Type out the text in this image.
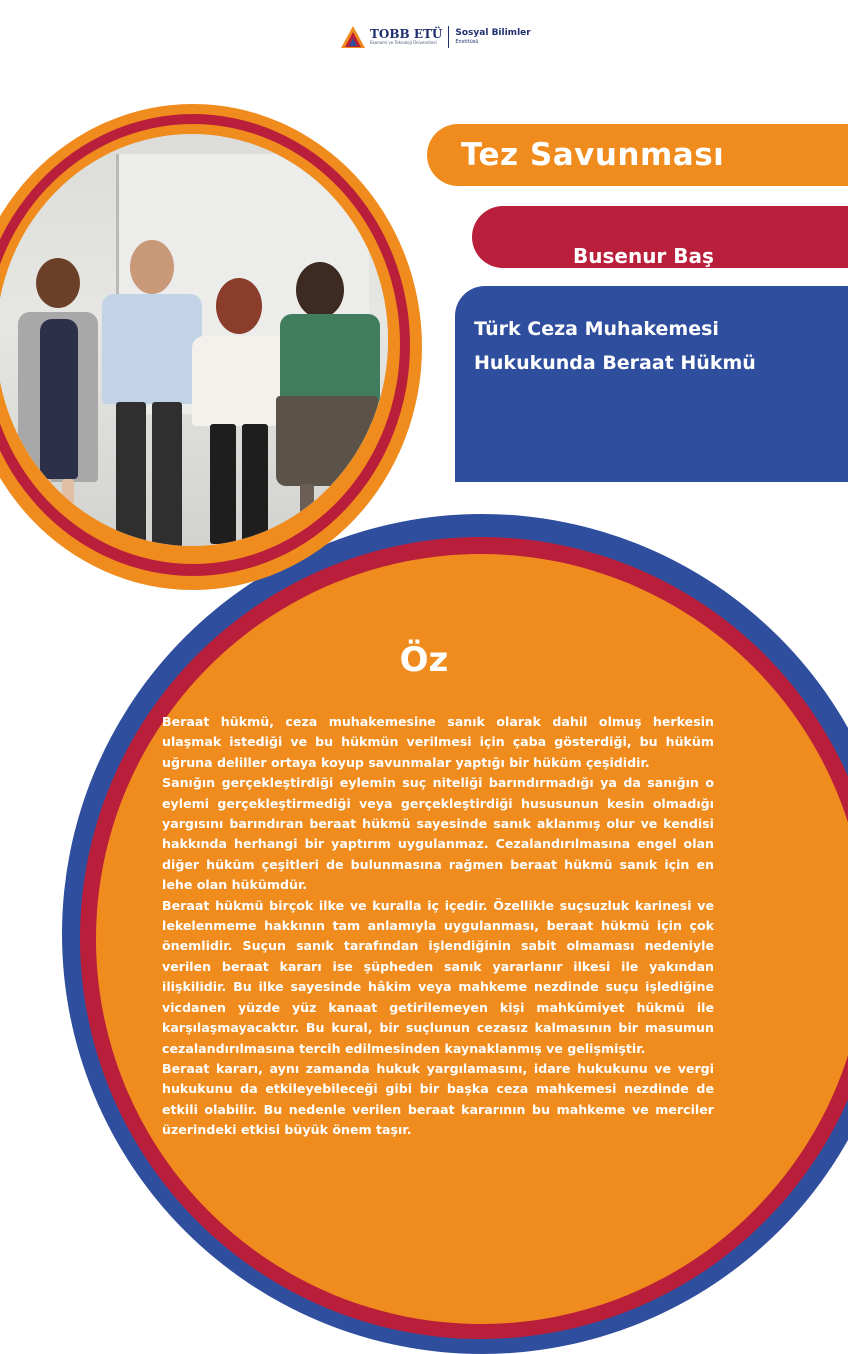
TOBB ETÜ
Ekonomi ve Teknoloji Üniversitesi
Sosyal Bilimler
Enstitüsü
Tez Savunması
Busenur Baş
Türk Ceza Muhakemesi
Hukukunda Beraat Hükmü
Öz

Beraat hükmü, ceza muhakemesine sanık olarak dahil olmuş herkesin ulaşmak istediği ve bu hükmün verilmesi için çaba gösterdiği, bu hüküm uğruna deliller ortaya koyup savunmalar yaptığı bir hüküm çeşididir.

Sanığın gerçekleştirdiği eylemin suç niteliği barındırmadığı ya da sanığın o eylemi gerçekleştirmediği veya gerçekleştirdiği hususunun kesin olmadığı yargısını barındıran beraat hükmü sayesinde sanık aklanmış olur ve kendisi hakkında herhangi bir yaptırım uygulanmaz. Cezalandırılmasına engel olan diğer hüküm çeşitleri de bulunmasına rağmen beraat hükmü sanık için en lehe olan hükümdür.

Beraat hükmü birçok ilke ve kuralla iç içedir. Özellikle suçsuzluk karinesi ve lekelenmeme hakkının tam anlamıyla uygulanması, beraat hükmü için çok önemlidir. Suçun sanık tarafından işlendiğinin sabit olmaması nedeniyle verilen beraat kararı ise şüpheden sanık yararlanır ilkesi ile yakından ilişkilidir. Bu ilke sayesinde hâkim veya mahkeme nezdinde suçu işlediğine vicdanen yüzde yüz kanaat getirilemeyen kişi mahkûmiyet hükmü ile karşılaşmayacaktır. Bu kural, bir suçlunun cezasız kalmasının bir masumun cezalandırılmasına tercih edilmesinden kaynaklanmış ve gelişmiştir.

Beraat kararı, aynı zamanda hukuk yargılamasını, idare hukukunu ve vergi hukukunu da etkileyebileceği gibi bir başka ceza mahkemesi nezdinde de etkili olabilir. Bu nedenle verilen beraat kararının bu mahkeme ve merciler üzerindeki etkisi büyük önem taşır.
